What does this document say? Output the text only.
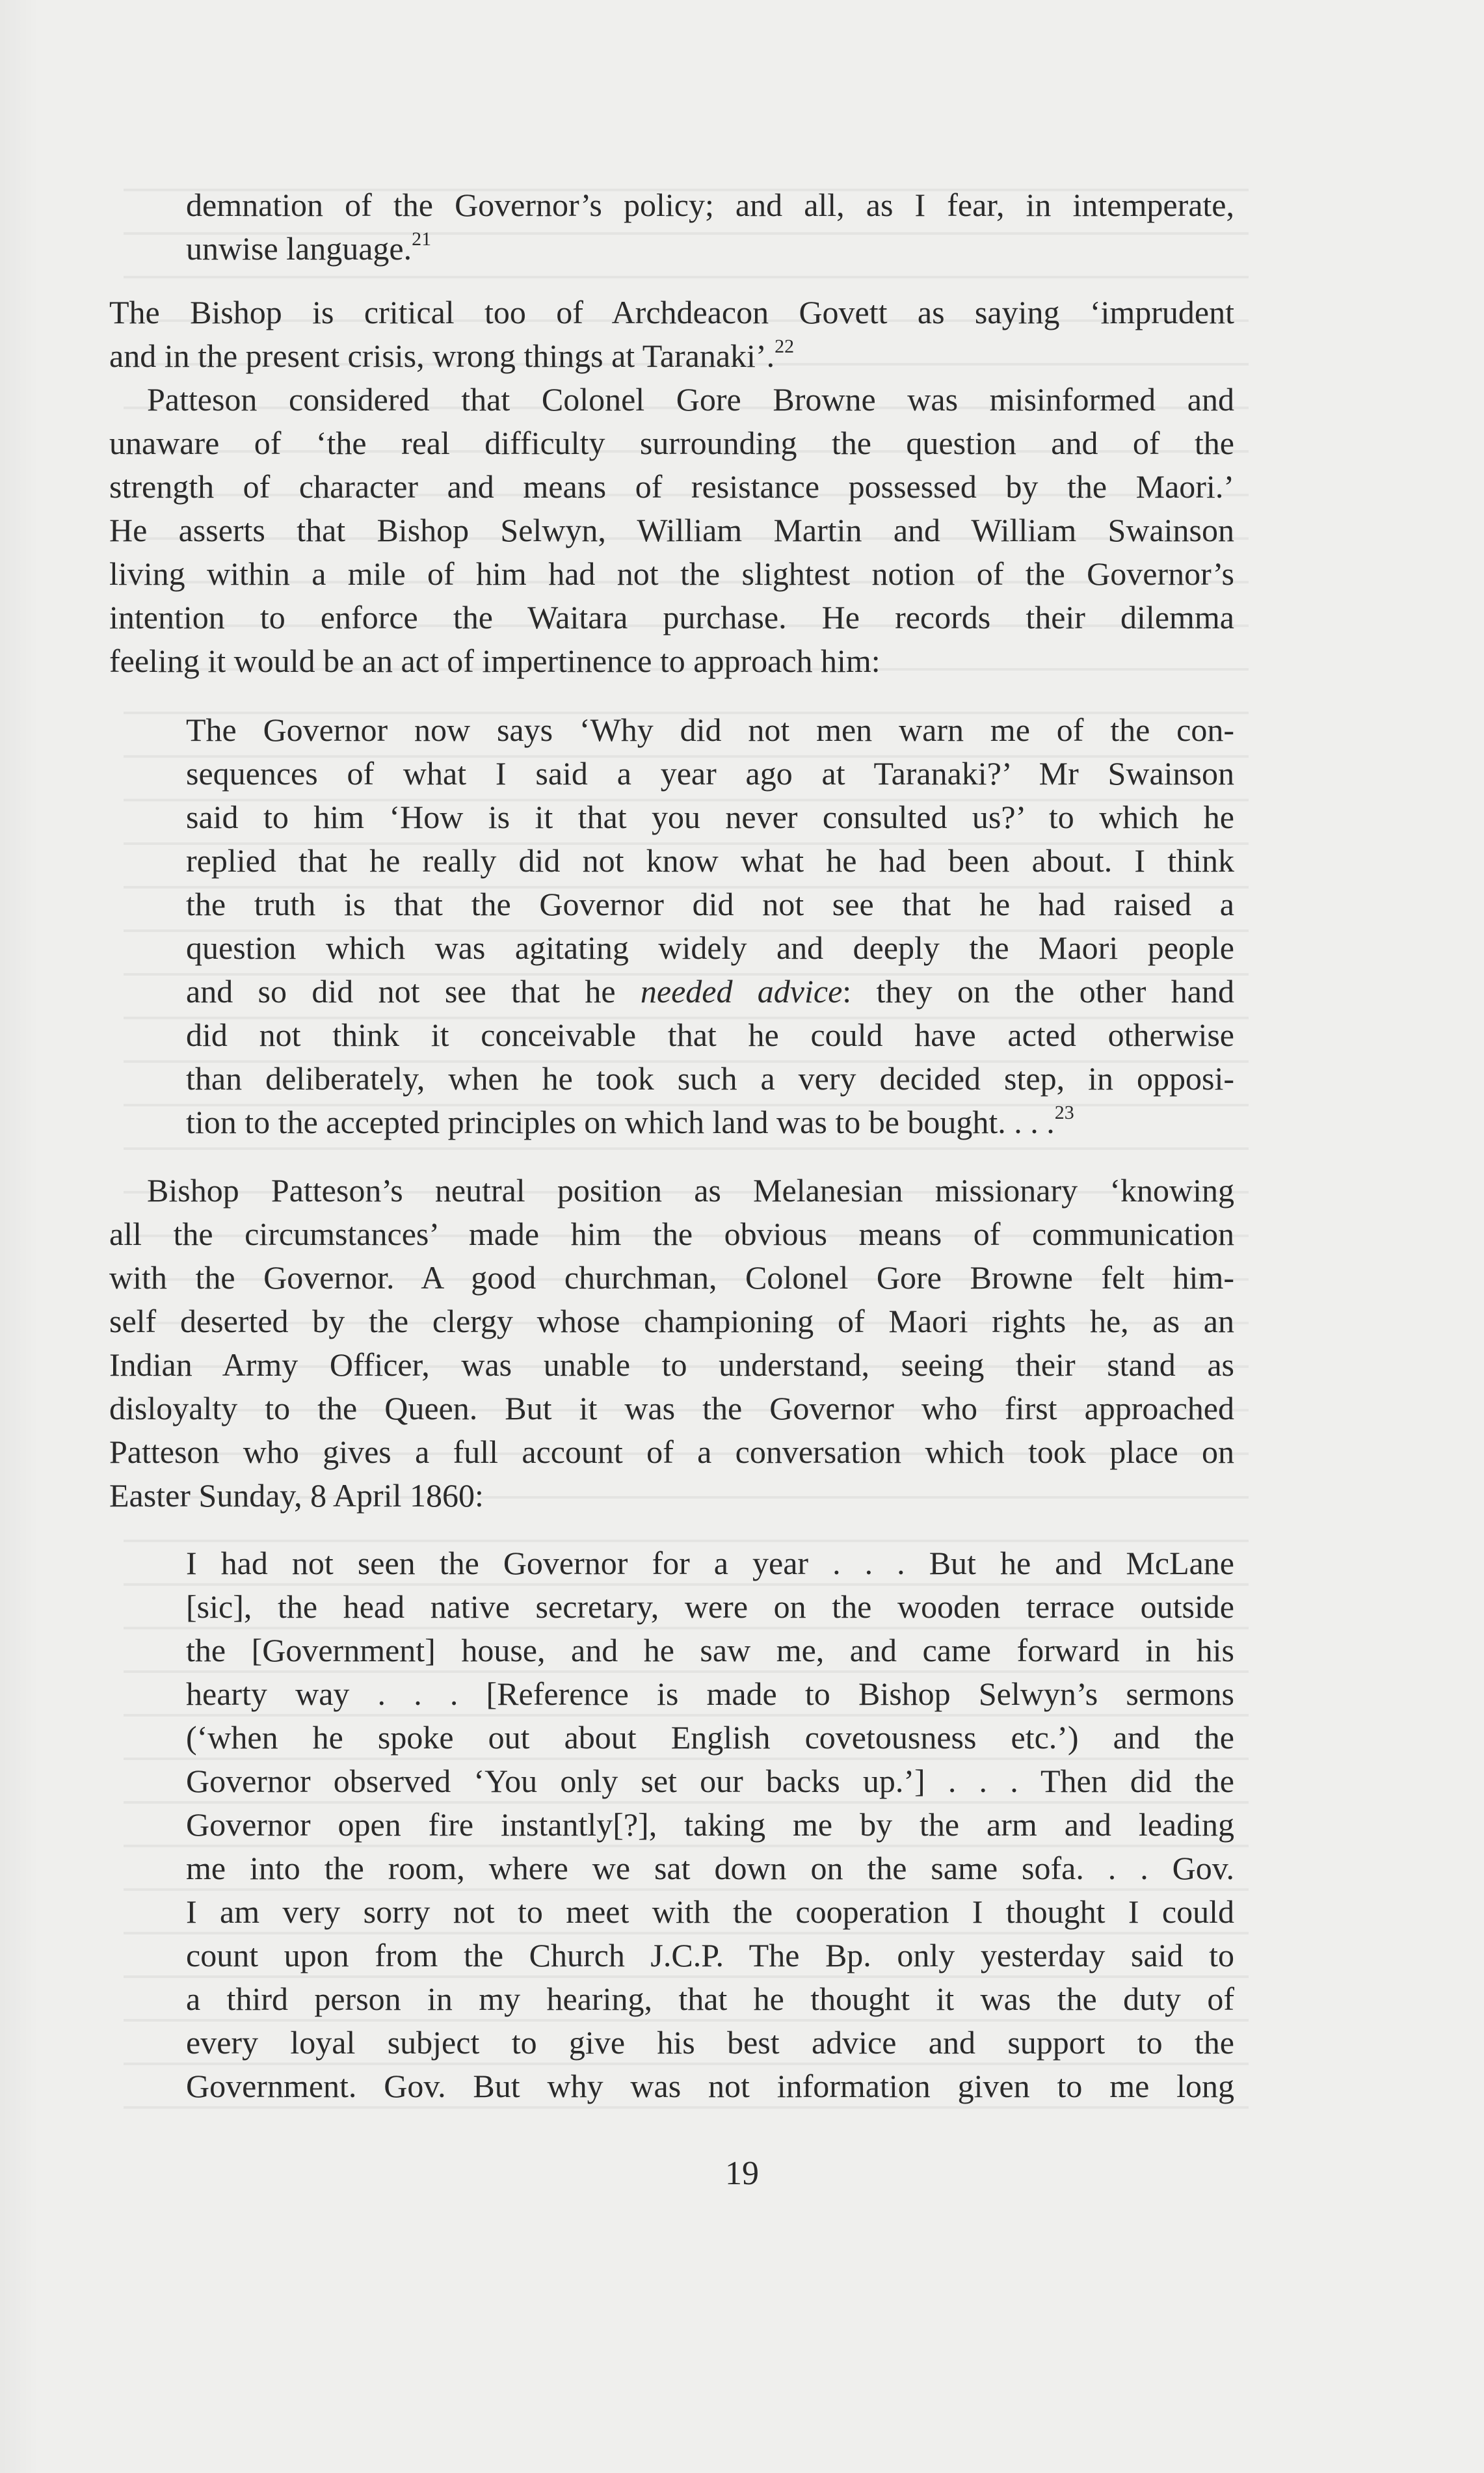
demnation of the Governor’s policy; and all, as I fear, in intemperate,
unwise language.$^{21}$
The Bishop is critical too of Archdeacon Govett as saying ‘imprudent
and in the present crisis, wrong things at Taranaki’.$^{22}$
Patteson considered that Colonel Gore Browne was misinformed and
unaware of ‘the real difficulty surrounding the question and of the
strength of character and means of resistance possessed by the Maori.’
He asserts that Bishop Selwyn, William Martin and William Swainson
living within a mile of him had not the slightest notion of the Governor’s
intention to enforce the Waitara purchase. He records their dilemma
feeling it would be an act of impertinence to approach him:
The Governor now says ‘Why did not men warn me of the con-
sequences of what I said a year ago at Taranaki?’ Mr Swainson
said to him ‘How is it that you never consulted us?’ to which he
replied that he really did not know what he had been about. I think
the truth is that the Governor did not see that he had raised a
question which was agitating widely and deeply the Maori people
and so did not see that he needed advice: they on the other hand
did not think it conceivable that he could have acted otherwise
than deliberately, when he took such a very decided step, in opposi-
tion to the accepted principles on which land was to be bought. . . .$^{23}$
Bishop Patteson’s neutral position as Melanesian missionary ‘knowing
all the circumstances’ made him the obvious means of communication
with the Governor. A good churchman, Colonel Gore Browne felt him-
self deserted by the clergy whose championing of Maori rights he, as an
Indian Army Officer, was unable to understand, seeing their stand as
disloyalty to the Queen. But it was the Governor who first approached
Patteson who gives a full account of a conversation which took place on
Easter Sunday, 8 April 1860:
I had not seen the Governor for a year . . . But he and McLane
[sic], the head native secretary, were on the wooden terrace outside
the [Government] house, and he saw me, and came forward in his
hearty way . . . [Reference is made to Bishop Selwyn’s sermons
(‘when he spoke out about English covetousness etc.’) and the
Governor observed ‘You only set our backs up.’] . . . Then did the
Governor open fire instantly[?], taking me by the arm and leading
me into the room, where we sat down on the same sofa. . . Gov.
I am very sorry not to meet with the cooperation I thought I could
count upon from the Church J.C.P. The Bp. only yesterday said to
a third person in my hearing, that he thought it was the duty of
every loyal subject to give his best advice and support to the
Government. Gov. But why was not information given to me long
19
